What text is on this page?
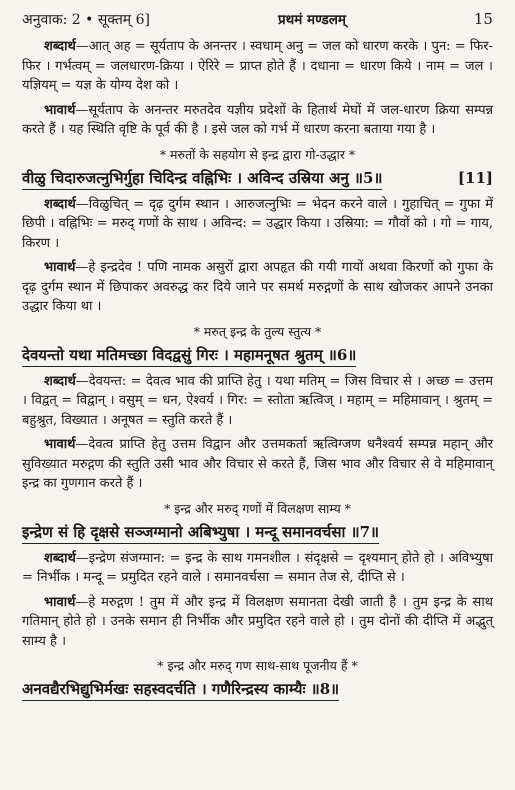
अनुवाक: 2 • सूक्तम् 6]	प्रथमं मण्डलम्	15

शब्दार्थ—आत् अह = सूर्यताप के अनन्तर । स्वधाम् अनु = जल को धारण करके । पुन: = फिर-फिर । गर्भत्वम् = जलधारण-क्रिया । ऐरिरे = प्राप्त होते हैं । दधाना = धारण किये । नाम = जल । यज्ञियम् = यज्ञ के योग्य देश को ।

भावार्थ—सूर्यताप के अनन्तर मरुतदेव यज्ञीय प्रदेशों के हितार्थ मेघों में जल-धारण क्रिया सम्पन्न करते हैं । यह स्थिति वृष्टि के पूर्व की है । इसे जल को गर्भ में धारण करना बताया गया है ।

* मरुतों के सहयोग से इन्द्र द्वारा गो-उद्धार *
वीळु चिदारुजत्नुभिर्गुहा चिदिन्द्र वह्निभिः । अविन्द उस्रिया अनु ॥5॥	[11]

शब्दार्थ—विळुचित् = दृढ़ दुर्गम स्थान । आरुजत्नुभिः = भेदन करने वाले । गुहाचित् = गुफा में छिपी । वह्निभिः = मरुद् गणों के साथ । अविन्द: = उद्धार किया । उस्रिया: = गौवों को । गो = गाय, किरण ।

भावार्थ—हे इन्द्रदेव ! पणि नामक असुरों द्वारा अपहृत की गयी गायों अथवा किरणों को गुफा के दृढ़ दुर्गम स्थान में छिपाकर अवरुद्ध कर दिये जाने पर समर्थ मरुद्गणों के साथ खोजकर आपने उनका उद्धार किया था ।

* मरुत् इन्द्र के तुल्य स्तुत्य *
देवयन्तो यथा मतिमच्छा विदद्वसुं गिरः । महामनूषत श्रुतम् ॥6॥

शब्दार्थ—देवयन्त: = देवत्व भाव की प्राप्ति हेतु । यथा मतिम् = जिस विचार से । अच्छ = उत्तम । विद्वत् = विद्वान् । वसुम् = धन, ऐश्वर्य । गिर: = स्तोता ऋत्विज् । महाम् = महिमावान् । श्रुतम् = बहुश्रुत, विख्यात । अनूषत = स्तुति करते हैं ।

भावार्थ—देवत्व प्राप्ति हेतु उत्तम विद्वान और उत्तमकर्ता ऋत्विग्जण धनैश्वर्य सम्पन्न महान् और सुविख्यात मरुद्गण की स्तुति उसी भाव और विचार से करते हैं, जिस भाव और विचार से वे महिमावान् इन्द्र का गुणगान करते हैं ।

* इन्द्र और मरुद् गणों में विलक्षण साम्य *
इन्द्रेण सं हि दृक्षसे सञ्जग्मानो अबिभ्युषा । मन्दू समानवर्चसा ॥7॥

शब्दार्थ—इन्द्रेण संजग्मान: = इन्द्र के साथ गमनशील । संदृक्षसे = दृश्यमान् होते हो । अविभ्युषा = निर्भीक । मन्दू = प्रमुदित रहने वाले । समानवर्चसा = समान तेज से, दीप्ति से ।

भावार्थ—हे मरुद्गण ! तुम में और इन्द्र में विलक्षण समानता देखी जाती है । तुम इन्द्र के साथ गतिमान् होते हो । उनके समान ही निर्भीक और प्रमुदित रहने वाले हो । तुम दोनों की दीप्ति में अद्भुत् साम्य है ।

* इन्द्र और मरुद् गण साथ-साथ पूजनीय हैं *
अनवद्यैरभिद्युभिर्मखः सहस्वदर्चति । गणैरिन्द्रस्य काम्यैः ॥8॥
